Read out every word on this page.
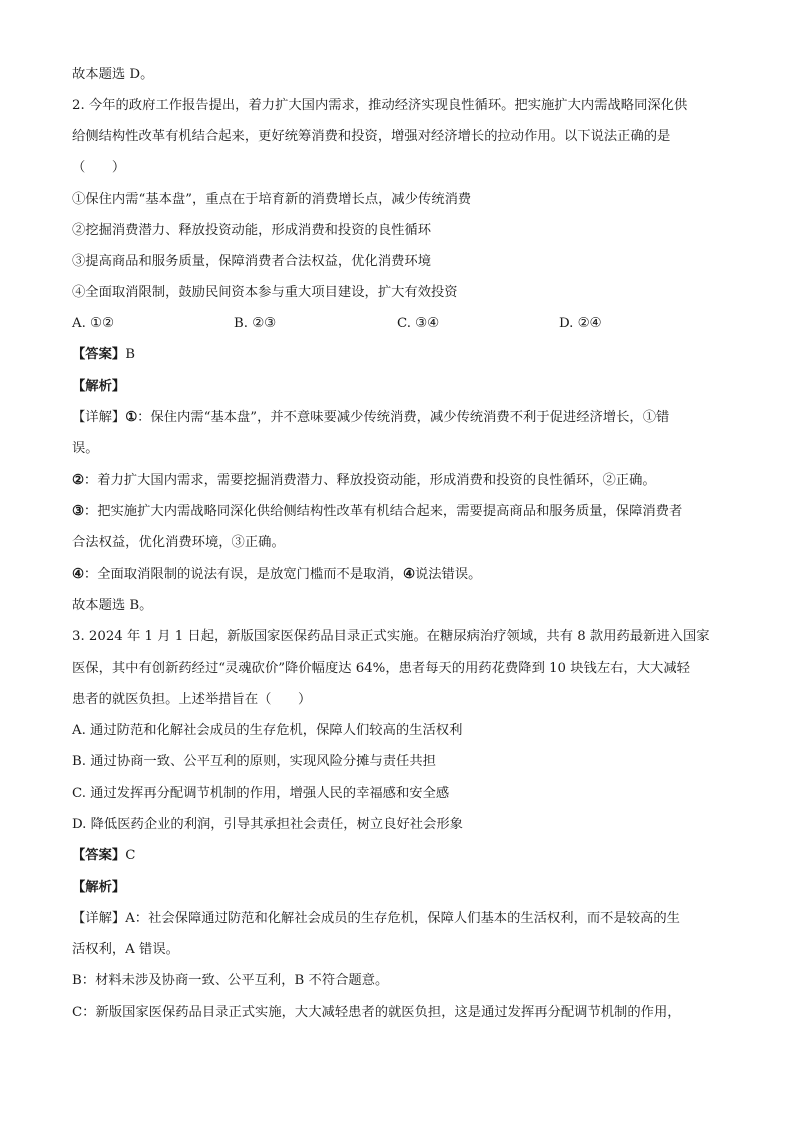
故本题选 D。
2. 今年的政府工作报告提出，着力扩大国内需求，推动经济实现良性循环。把实施扩大内需战略同深化供
给侧结构性改革有机结合起来，更好统筹消费和投资，增强对经济增长的拉动作用。以下说法正确的是
（　　）
①保住内需“基本盘”，重点在于培育新的消费增长点，减少传统消费
②挖掘消费潜力、释放投资动能，形成消费和投资的良性循环
③提高商品和服务质量，保障消费者合法权益，优化消费环境
④全面取消限制，鼓励民间资本参与重大项目建设，扩大有效投资
A. ①②	B. ②③	C. ③④	D. ②④
【答案】B
【解析】
【详解】①：保住内需“基本盘”，并不意味要减少传统消费，减少传统消费不利于促进经济增长，①错
误。
②：着力扩大国内需求，需要挖掘消费潜力、释放投资动能，形成消费和投资的良性循环，②正确。
③：把实施扩大内需战略同深化供给侧结构性改革有机结合起来，需要提高商品和服务质量，保障消费者
合法权益，优化消费环境，③正确。
④：全面取消限制的说法有误，是放宽门槛而不是取消，④说法错误。
故本题选 B。
3. 2024 年 1 月 1 日起，新版国家医保药品目录正式实施。在糖尿病治疗领域，共有 8 款用药最新进入国家
医保，其中有创新药经过“灵魂砍价”降价幅度达 64%，患者每天的用药花费降到 10 块钱左右，大大减轻
患者的就医负担。上述举措旨在（　　）
A. 通过防范和化解社会成员的生存危机，保障人们较高的生活权利
B. 通过协商一致、公平互利的原则，实现风险分摊与责任共担
C. 通过发挥再分配调节机制的作用，增强人民的幸福感和安全感
D. 降低医药企业的利润，引导其承担社会责任，树立良好社会形象
【答案】C
【解析】
【详解】A：社会保障通过防范和化解社会成员的生存危机，保障人们基本的生活权利，而不是较高的生
活权利，A 错误。
B：材料未涉及协商一致、公平互利，B 不符合题意。
C：新版国家医保药品目录正式实施，大大减轻患者的就医负担，这是通过发挥再分配调节机制的作用，
